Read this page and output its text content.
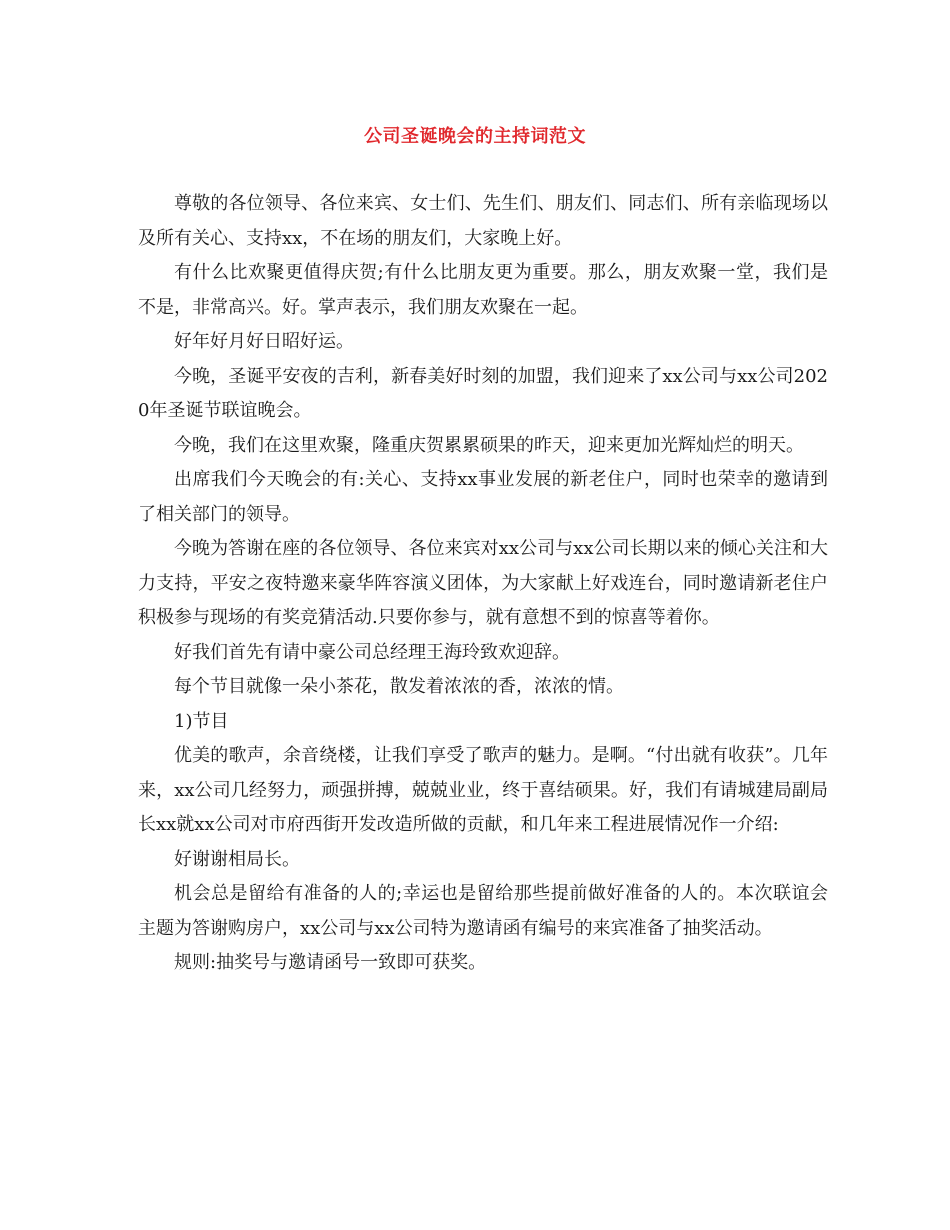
公司圣诞晚会的主持词范文

尊敬的各位领导、各位来宾、女士们、先生们、朋友们、同志们、所有亲临现场以及所有关心、支持xx，不在场的朋友们，大家晚上好。

有什么比欢聚更值得庆贺;有什么比朋友更为重要。那么，朋友欢聚一堂，我们是不是，非常高兴。好。掌声表示，我们朋友欢聚在一起。

好年好月好日昭好运。

今晚，圣诞平安夜的吉利，新春美好时刻的加盟，我们迎来了xx公司与xx公司2020年圣诞节联谊晚会。

今晚，我们在这里欢聚，隆重庆贺累累硕果的昨天，迎来更加光辉灿烂的明天。

出席我们今天晚会的有:关心、支持xx事业发展的新老住户，同时也荣幸的邀请到了相关部门的领导。

今晚为答谢在座的各位领导、各位来宾对xx公司与xx公司长期以来的倾心关注和大力支持，平安之夜特邀来豪华阵容演义团体，为大家献上好戏连台，同时邀请新老住户积极参与现场的有奖竞猜活动.只要你参与，就有意想不到的惊喜等着你。

好我们首先有请中豪公司总经理王海玲致欢迎辞。

每个节目就像一朵小茶花，散发着浓浓的香，浓浓的情。

1)节目

优美的歌声，余音绕楼，让我们享受了歌声的魅力。是啊。“付出就有收获”。几年来，xx公司几经努力，顽强拼搏，兢兢业业，终于喜结硕果。好，我们有请城建局副局长xx就xx公司对市府西街开发改造所做的贡献，和几年来工程进展情况作一介绍:

好谢谢相局长。

机会总是留给有准备的人的;幸运也是留给那些提前做好准备的人的。本次联谊会主题为答谢购房户，xx公司与xx公司特为邀请函有编号的来宾准备了抽奖活动。

规则:抽奖号与邀请函号一致即可获奖。
